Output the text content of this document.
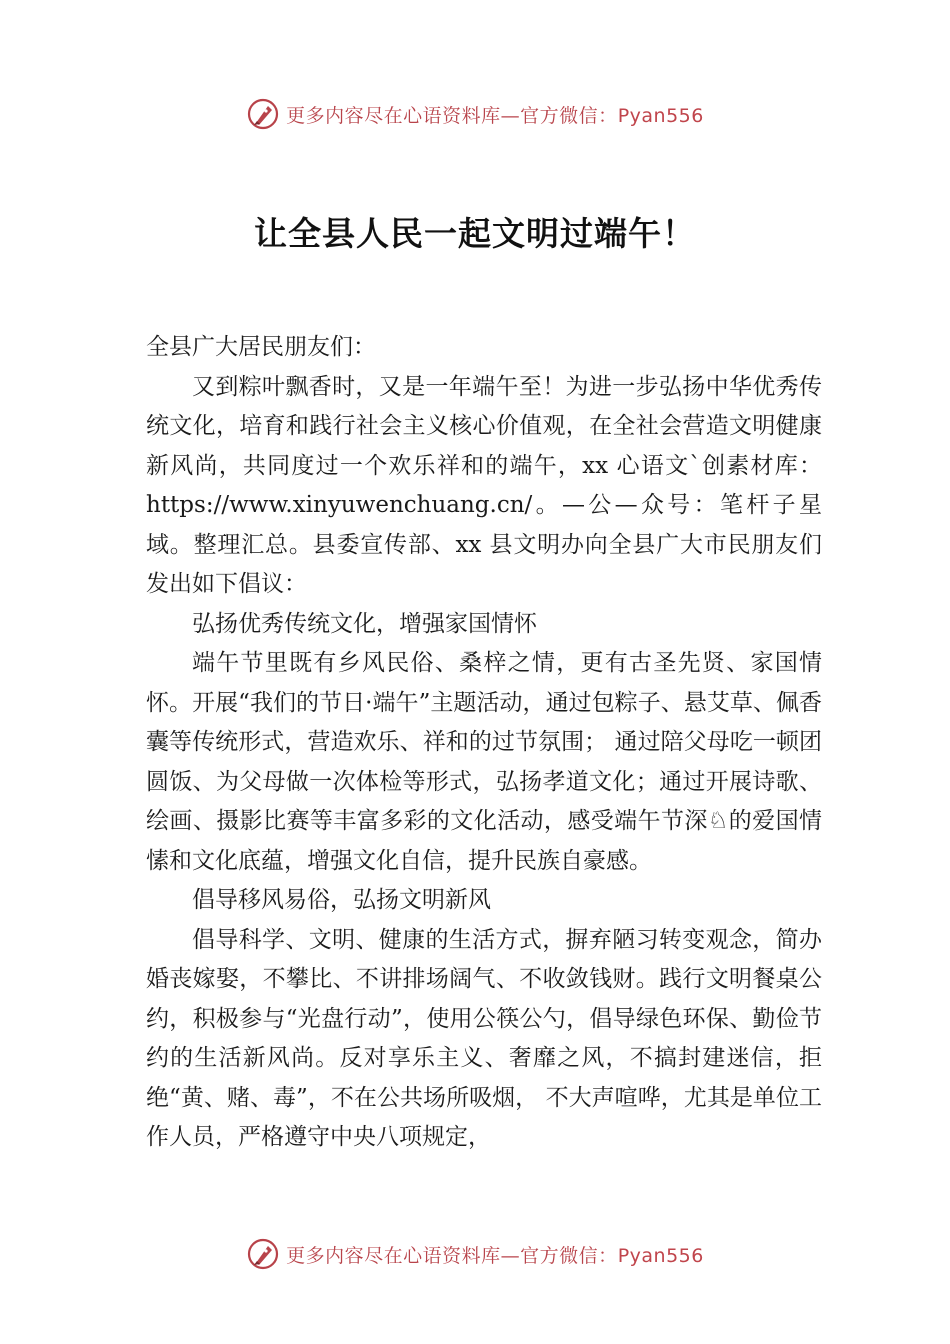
更多内容尽在心语资料库—官方微信：Pyan556
让全县人民一起文明过端午！

全县广大居民朋友们：

又到粽叶飘香时，又是一年端午至！为进一步弘扬中华优秀传统文化，培育和践行社会主义核心价值观，在全社会营造文明健康新风尚，共同度过一个欢乐祥和的端午，xx 心语文`创素材库：https://www.xinyuwenchuang.cn/。—公—众号：笔杆子星域。整理汇总。县委宣传部、xx 县文明办向全县广大市民朋友们发出如下倡议：

弘扬优秀传统文化，增强家国情怀

端午节里既有乡风民俗、桑梓之情，更有古圣先贤、家国情怀。开展“我们的节日·端午”主题活动，通过包粽子、悬艾草、佩香囊等传统形式，营造欢乐、祥和的过节氛围； 通过陪父母吃一顿团圆饭、为父母做一次体检等形式，弘扬孝道文化；通过开展诗歌、绘画、摄影比赛等丰富多彩的文化活动，感受端午节深♘的爱国情愫和文化底蕴，增强文化自信，提升民族自豪感。

倡导移风易俗，弘扬文明新风

倡导科学、文明、健康的生活方式，摒弃陋习转变观念，简办婚丧嫁娶，不攀比、不讲排场阔气、不收敛钱财。践行文明餐桌公约，积极参与“光盘行动”，使用公筷公勺，倡导绿色环保、勤俭节约的生活新风尚。反对享乐主义、奢靡之风，不搞封建迷信，拒绝“黄、赌、毒”，不在公共场所吸烟， 不大声喧哗，尤其是单位工作人员，严格遵守中央八项规定，

更多内容尽在心语资料库—官方微信：Pyan556
